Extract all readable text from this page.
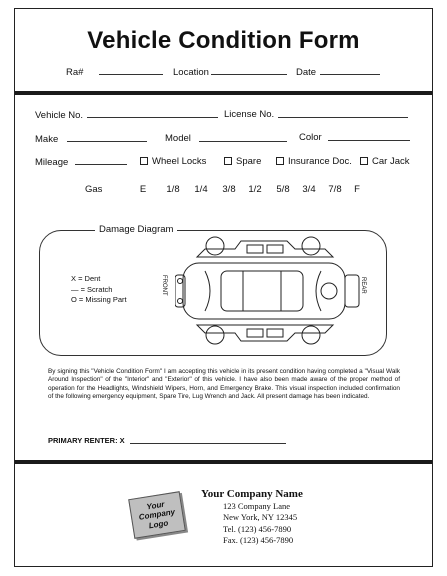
Vehicle Condition Form
Ra#	Location	Date
Vehicle No.	License No.
Make	Model	Color
Mileage	Wheel Locks	Spare	Insurance Doc.	Car Jack
Gas	E 1/8 1/4 3/8 1/2 5/8 3/4 7/8 F
Damage Diagram
X = Dent
— = Scratch
O = Missing Part
FRONT	REAR
By signing this "Vehicle Condition Form" I am accepting this vehicle in its present condition having completed a "Visual Walk Around Inspection" of the "Interior" and "Exterior" of this vehicle. I have also been made aware of the proper method of operation for the Headlights, Windshield Wipers, Horn, and Emergency Brake. This visual inspection included confirmation of the following emergency equipment, Spare Tire, Lug Wrench and Jack. All present damage has been indicated.
PRIMARY RENTER: X
Your Company Logo
Your Company Name
123 Company Lane
New York, NY 12345
Tel. (123) 456-7890
Fax. (123) 456-7890
